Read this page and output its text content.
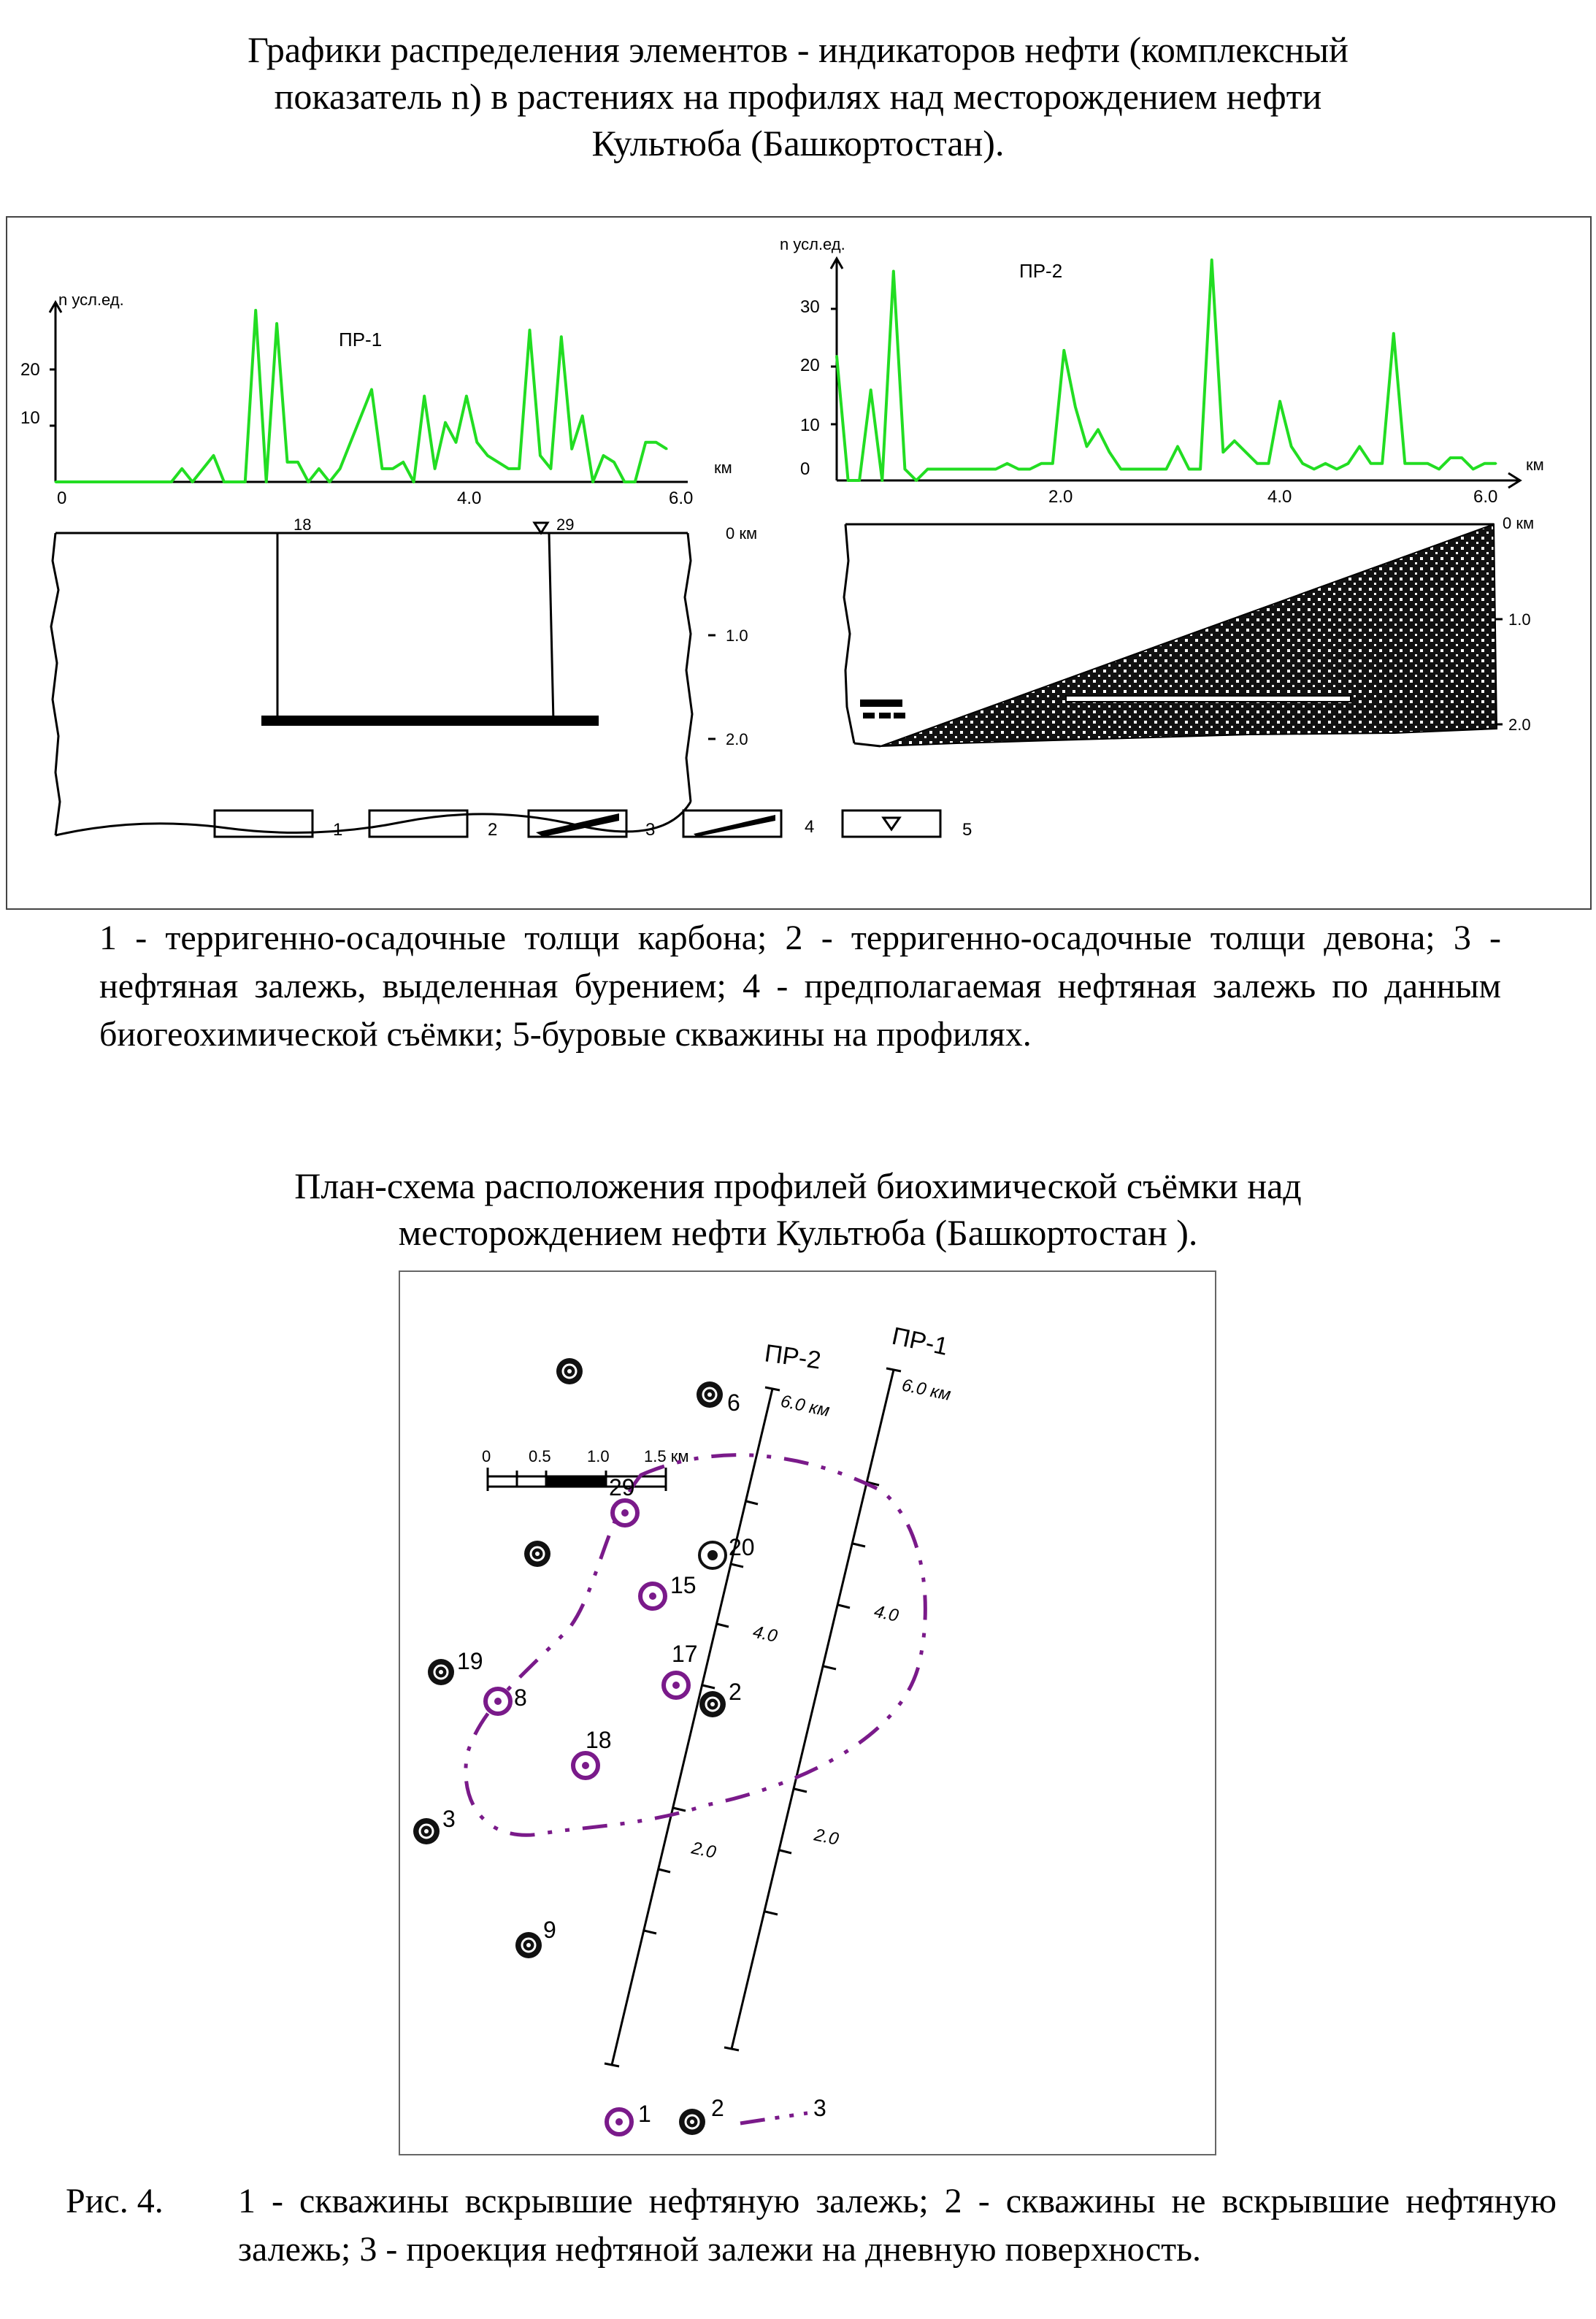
Графики распределения элементов - индикаторов нефти (комплексный
показатель n) в растениях на профилях над месторождением нефти
Культюба (Башкортостан).
n усл.ед.
20
10
0	4.0	6.0
км
ПР-1
n усл.ед.
0
10
20
30
2.0	4.0	6.0
км
ПР-2
18	29	0 км
1.0
2.0
0 км
1.0
2.0
1	2	3	4	5
1 - терригенно-осадочные толщи карбона; 2 - терригенно-осадочные толщи девона; 3 - нефтяная залежь, выделенная бурением; 4 - предполагаемая нефтяная залежь по данным биогеохимической съёмки; 5-буровые скважины на профилях.
План-схема расположения профилей биохимической съёмки над
месторождением нефти Культюба (Башкортостан ).
ПР-2	ПР-1
6.0 км
6.0 км
4.0
4.0
2.0
2.0
0 0.5 1.0 1.5 км
29
15
20
6
19
8
17
2
18
3
9
1	2	3
Рис. 4. 1 - скважины вскрывшие нефтяную залежь; 2 - скважины не вскрывшие нефтяную залежь; 3 - проекция нефтяной залежи на дневную поверхность.
